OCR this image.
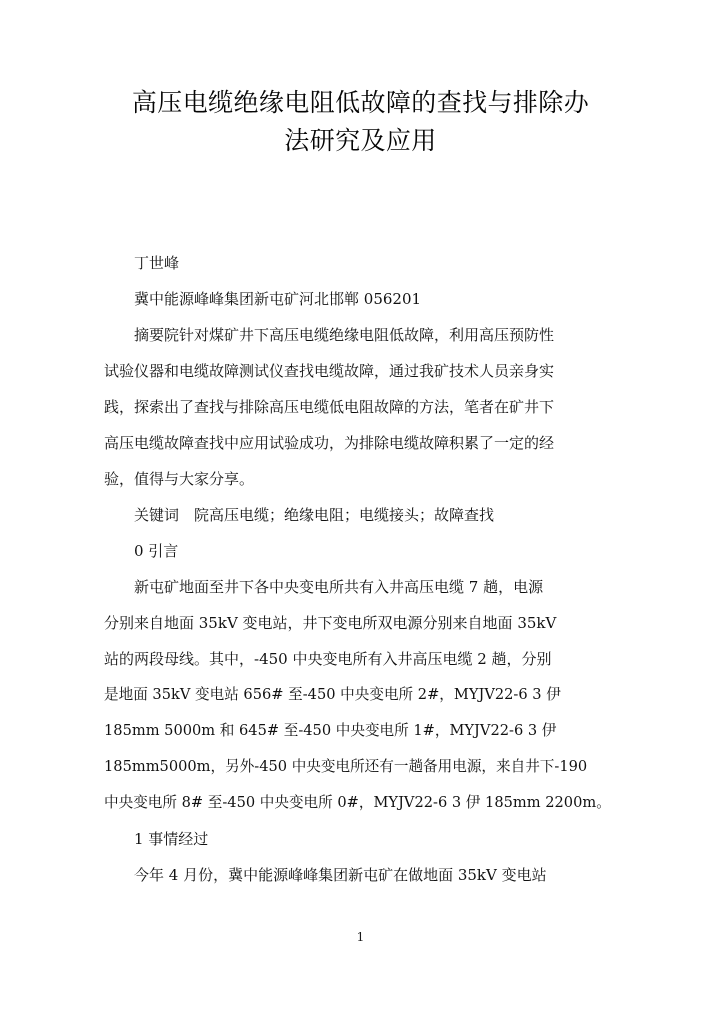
高压电缆绝缘电阻低故障的查找与排除办
法研究及应用
丁世峰
冀中能源峰峰集团新屯矿河北邯郸 056201
摘要院针对煤矿井下高压电缆绝缘电阻低故障，利用高压预防性
试验仪器和电缆故障测试仪查找电缆故障，通过我矿技术人员亲身实
践，探索出了查找与排除高压电缆低电阻故障的方法，笔者在矿井下
高压电缆故障查找中应用试验成功，为排除电缆故障积累了一定的经
验，值得与大家分享。
关键词　院高压电缆；绝缘电阻；电缆接头；故障查找
0 引言
新屯矿地面至井下各中央变电所共有入井高压电缆 7 趟，电源
分别来自地面 35kV 变电站，井下变电所双电源分别来自地面 35kV
站的两段母线。其中，-450 中央变电所有入井高压电缆 2 趟，分别
是地面 35kV 变电站 656# 至-450 中央变电所 2#，MYJV22-6 3 伊
185mm 5000m 和 645# 至-450 中央变电所 1#，MYJV22-6 3 伊
185mm5000m，另外-450 中央变电所还有一趟备用电源，来自井下-190
中央变电所 8# 至-450 中央变电所 0#，MYJV22-6 3 伊 185mm 2200m。
1 事情经过
今年 4 月份，冀中能源峰峰集团新屯矿在做地面 35kV 变电站
1
